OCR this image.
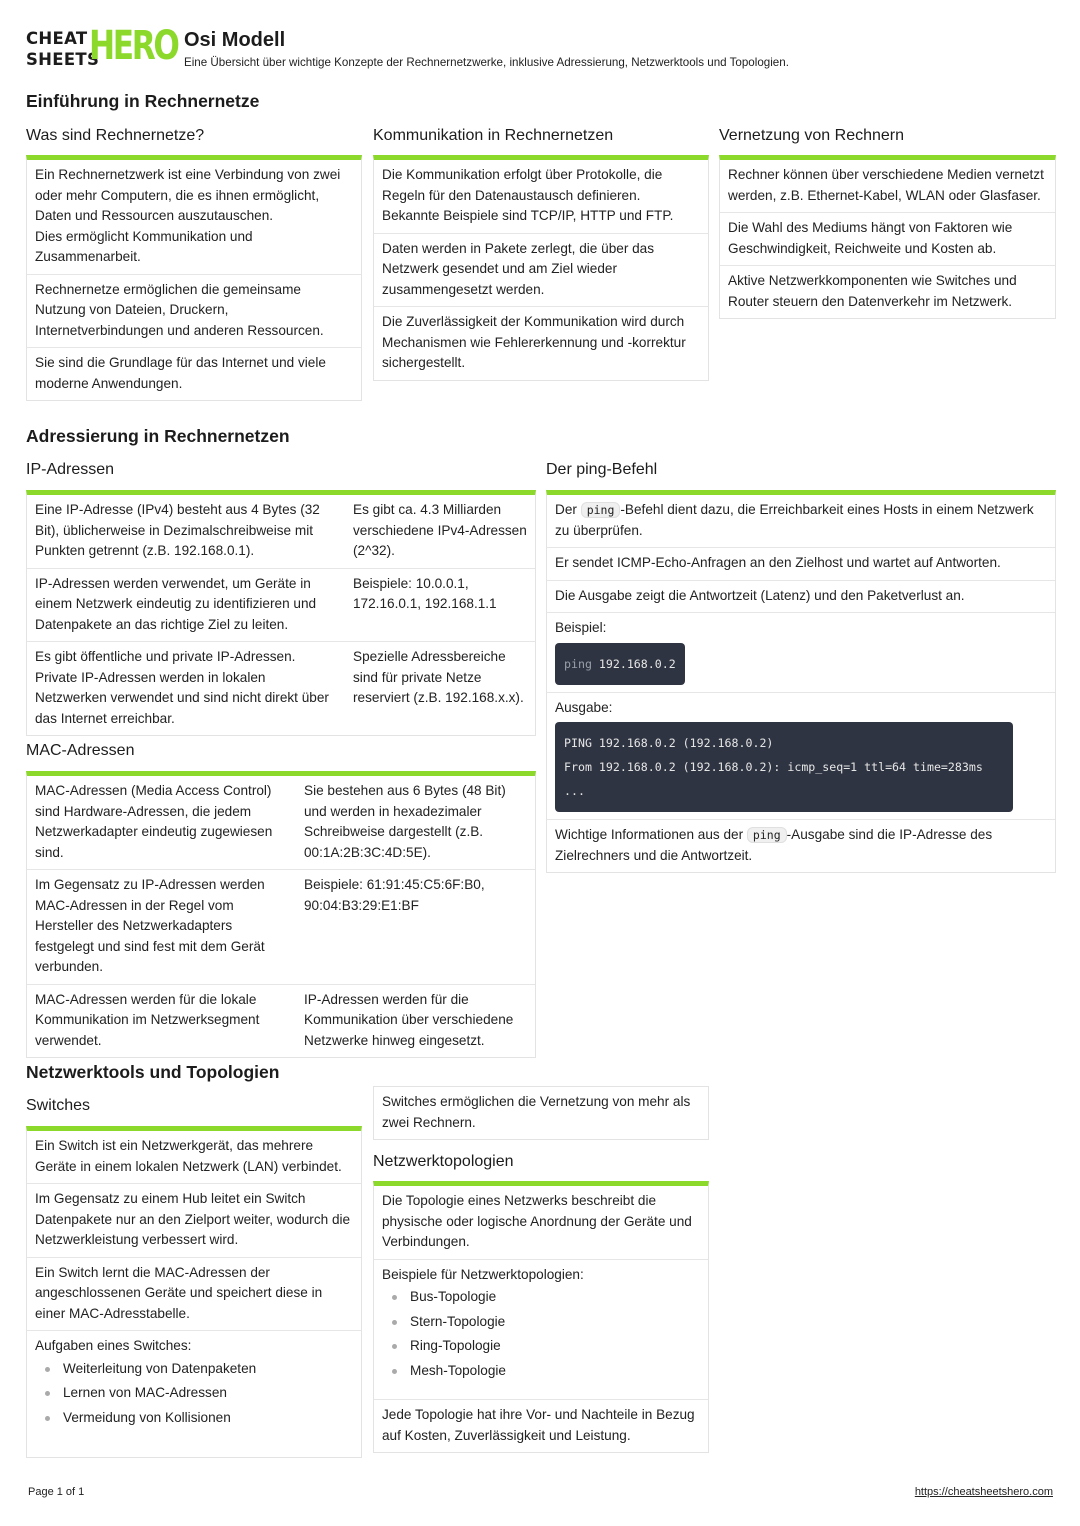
CHEAT
SHEETS
HERO Osi Modell
Eine Übersicht über wichtige Konzepte der Rechnernetzwerke, inklusive Adressierung, Netzwerktools und Topologien.
Einführung in Rechnernetze
Was sind Rechnernetze?
Ein Rechnernetzwerk ist eine Verbindung von zwei oder mehr Computern, die es ihnen ermöglicht, Daten und Ressourcen auszutauschen.
Dies ermöglicht Kommunikation und Zusammenarbeit.
Rechnernetze ermöglichen die gemeinsame Nutzung von Dateien, Druckern, Internetverbindungen und anderen Ressourcen.
Sie sind die Grundlage für das Internet und viele moderne Anwendungen.
Kommunikation in Rechnernetzen
Die Kommunikation erfolgt über Protokolle, die Regeln für den Datenaustausch definieren. Bekannte Beispiele sind TCP/IP, HTTP und FTP.
Daten werden in Pakete zerlegt, die über das Netzwerk gesendet und am Ziel wieder zusammengesetzt werden.
Die Zuverlässigkeit der Kommunikation wird durch Mechanismen wie Fehlererkennung und -korrektur sichergestellt.
Vernetzung von Rechnern
Rechner können über verschiedene Medien vernetzt werden, z.B. Ethernet-Kabel, WLAN oder Glasfaser.
Die Wahl des Mediums hängt von Faktoren wie Geschwindigkeit, Reichweite und Kosten ab.
Aktive Netzwerkkomponenten wie Switches und Router steuern den Datenverkehr im Netzwerk.
Adressierung in Rechnernetzen
IP-Adressen
Eine IP-Adresse (IPv4) besteht aus 4 Bytes (32 Bit), üblicherweise in Dezimalschreibweise mit Punkten getrennt (z.B. 192.168.0.1).
Es gibt ca. 4.3 Milliarden verschiedene IPv4-Adressen (2^32).
IP-Adressen werden verwendet, um Geräte in einem Netzwerk eindeutig zu identifizieren und Datenpakete an das richtige Ziel zu leiten.
Beispiele: 10.0.0.1, 172.16.0.1, 192.168.1.1
Es gibt öffentliche und private IP-Adressen. Private IP-Adressen werden in lokalen Netzwerken verwendet und sind nicht direkt über das Internet erreichbar.
Spezielle Adressbereiche sind für private Netze reserviert (z.B. 192.168.x.x).
MAC-Adressen
MAC-Adressen (Media Access Control) sind Hardware-Adressen, die jedem Netzwerkadapter eindeutig zugewiesen sind.
Sie bestehen aus 6 Bytes (48 Bit) und werden in hexadezimaler Schreibweise dargestellt (z.B. 00:1A:2B:3C:4D:5E).
Im Gegensatz zu IP-Adressen werden MAC-Adressen in der Regel vom Hersteller des Netzwerkadapters festgelegt und sind fest mit dem Gerät verbunden.
Beispiele: 61:91:45:C5:6F:B0, 90:04:B3:29:E1:BF
MAC-Adressen werden für die lokale Kommunikation im Netzwerksegment verwendet.
IP-Adressen werden für die Kommunikation über verschiedene Netzwerke hinweg eingesetzt.
Der ping-Befehl
Der ping -Befehl dient dazu, die Erreichbarkeit eines Hosts in einem Netzwerk zu überprüfen.
Er sendet ICMP-Echo-Anfragen an den Zielhost und wartet auf Antworten.
Die Ausgabe zeigt die Antwortzeit (Latenz) und den Paketverlust an.
Beispiel:
ping 192.168.0.2
Ausgabe:
PING 192.168.0.2 (192.168.0.2)
From 192.168.0.2 (192.168.0.2): icmp_seq=1 ttl=64 time=283ms
...
Wichtige Informationen aus der ping -Ausgabe sind die IP-Adresse des Zielrechners und die Antwortzeit.
Netzwerktools und Topologien
Switches
Ein Switch ist ein Netzwerkgerät, das mehrere Geräte in einem lokalen Netzwerk (LAN) verbindet.
Im Gegensatz zu einem Hub leitet ein Switch Datenpakete nur an den Zielport weiter, wodurch die Netzwerkleistung verbessert wird.
Ein Switch lernt die MAC-Adressen der angeschlossenen Geräte und speichert diese in einer MAC-Adresstabelle.
Aufgaben eines Switches:
Weiterleitung von Datenpaketen
Lernen von MAC-Adressen
Vermeidung von Kollisionen
Switches ermöglichen die Vernetzung von mehr als zwei Rechnern.
Netzwerktopologien
Die Topologie eines Netzwerks beschreibt die physische oder logische Anordnung der Geräte und Verbindungen.
Beispiele für Netzwerktopologien:
Bus-Topologie
Stern-Topologie
Ring-Topologie
Mesh-Topologie
Jede Topologie hat ihre Vor- und Nachteile in Bezug auf Kosten, Zuverlässigkeit und Leistung.
Page 1 of 1	https://cheatsheetshero.com
